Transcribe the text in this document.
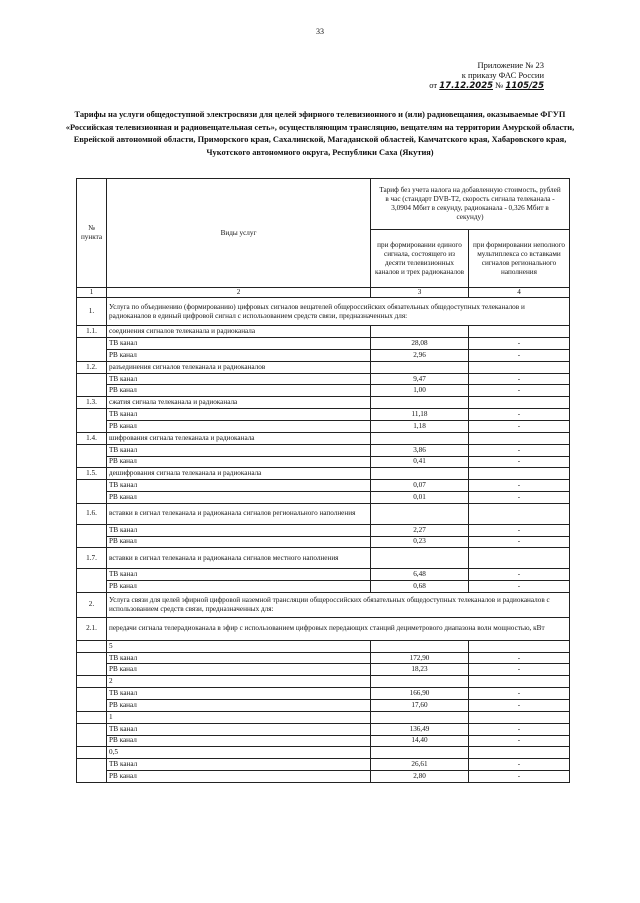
33
Приложение № 23
к приказу ФАС России
от 17.12.2025 № 1105/25
Тарифы на услуги общедоступной электросвязи для целей эфирного телевизионного и (или) радиовещания, оказываемые ФГУП «Российская телевизионная и радиовещательная сеть», осуществляющим трансляцию, вещателям на территории Амурской области, Еврейской автономной области, Приморского края, Сахалинской, Магаданской областей, Камчатского края, Хабаровского края, Чукотского автономного округа, Республики Саха (Якутия)
№ пункта	Виды услуг	Тариф без учета налога на добавленную стоимость, рублей в час (стандарт DVB-T2, скорость сигнала телеканала - 3,0904 Мбит в секунду, радиоканала - 0,326 Мбит в секунду)	
		при формировании единого сигнала, состоящего из десяти телевизионных каналов и трех радиоканалов	при формировании неполного мультиплекса со вставками сигналов регионального наполнения
1	2	3	4
1.	Услуга по объединению (формированию) цифровых сигналов вещателей общероссийских обязательных общедоступных телеканалов и радиоканалов в единый цифровой сигнал с использованием средств связи, предназначенных для:		
1.1.	соединения сигналов телеканала и радиоканала		
	ТВ канал	28,08	-
	РВ канал	2,96	-
1.2.	разъединения сигналов телеканала и радиоканалов		
	ТВ канал	9,47	-
	РВ канал	1,00	-
1.3.	сжатия сигнала телеканала и радиоканала		
	ТВ канал	11,18	-
	РВ канал	1,18	-
1.4.	шифрования сигнала телеканала и радиоканала		
	ТВ канал	3,86	-
	РВ канал	0,41	-
1.5.	дешифрования сигнала телеканала и радиоканала		
	ТВ канал	0,07	-
	РВ канал	0,01	-
1.6.	вставки в сигнал телеканала и радиоканала сигналов регионального наполнения		
	ТВ канал	2,27	-
	РВ канал	0,23	-
1.7.	вставки в сигнал телеканала и радиоканала сигналов местного наполнения		
	ТВ канал	6,48	-
	РВ канал	0,68	-
2.	Услуга связи для целей эфирной цифровой наземной трансляции общероссийских обязательных общедоступных телеканалов и радиоканалов с использованием средств связи, предназначенных для:		
2.1.	передачи сигнала телерадиоканала в эфир с использованием цифровых передающих станций дециметрового диапазона волн мощностью, кВт		
	5		
	ТВ канал	172,90	-
	РВ канал	18,23	-
	2		
	ТВ канал	166,90	-
	РВ канал	17,60	-
	1		
	ТВ канал	136,49	-
	РВ канал	14,40	-
	0,5		
	ТВ канал	26,61	-
	РВ канал	2,80	-
